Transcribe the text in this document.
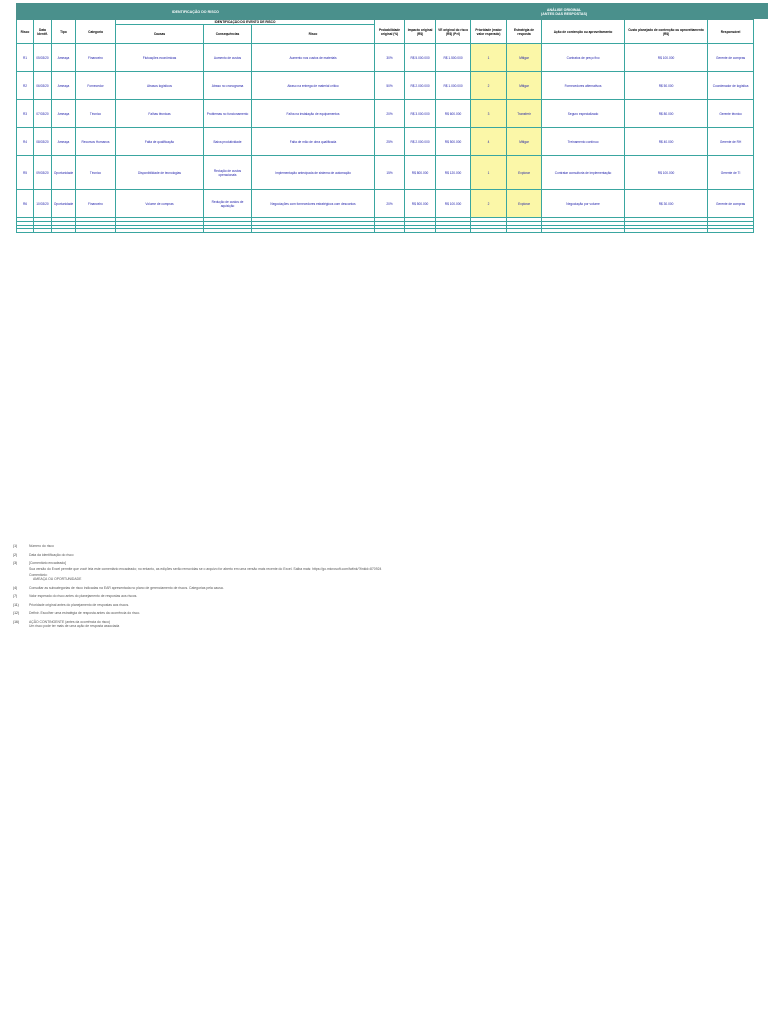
IDENTIFICAÇÃO DO RISCO							ANÁLISE ORIGINAL
(ANTES DAS RESPOSTAS)							

Risco	Data Identif.	Tipo	Categoria	IDENTIFICAÇÃO DO EVENTO DE RISCO			Probabilidade original (%)	Impacto original (R$)	VE original do risco (R$) (P×I)	Prioridade (maior valor esperado)	Estratégia de resposta	Ação de contenção ou aproveitamento	Custo planejado de contenção ou aproveitamento (R$)	Responsável
				Causas	Consequências	Risco								
R1	05/03/20	Ameaça	Financeiro	Flutuações econômicas	Aumento de custos	Aumento nos custos de materiais	30%	R$ 5.000.000	R$ 1.500.000	1	Mitigar	Contratos de preço fixo	R$ 100.000	Gerente de compras
R2	06/03/20	Ameaça	Fornecedor	Atrasos logísticos	Atraso no cronograma	Atraso na entrega de material crítico	50%	R$ 2.000.000	R$ 1.000.000	2	Mitigar	Fornecedores alternativos	R$ 50.000	Coordenador de logística
R3	07/03/20	Ameaça	Técnico	Falhas técnicas	Problemas no funcionamento	Falha na instalação de equipamentos	20%	R$ 3.000.000	R$ 600.000	3	Transferir	Seguro especializado	R$ 80.000	Gerente técnico
R4	08/03/20	Ameaça	Recursos Humanos	Falta de qualificação	Baixa produtividade	Falta de mão de obra qualificada	25%	R$ 2.000.000	R$ 500.000	4	Mitigar	Treinamento contínuo	R$ 40.000	Gerente de RH
R5	09/03/20	Oportunidade	Técnico	Disponibilidade de tecnologias	Redução de custos operacionais	Implementação antecipada de sistema de automação	15%	R$ 800.000	R$ 120.000	1	Explorar	Contratar consultoria de implementação	R$ 100.000	Gerente de TI
R6	10/03/20	Oportunidade	Financeiro	Volume de compras	Redução de custos de aquisição	Negociações com fornecedores estratégicos com descontos	20%	R$ 500.000	R$ 100.000	2	Explorar	Negociação por volume	R$ 30.000	Gerente de compras

(1)	Número do risco
(2)	Data da identificação do risco
(3)	[Comentário encadeado]
Sua versão do Excel permite que você leia este comentário encadeado; no entanto, as edições serão removidas se o arquivo for aberto em uma versão mais recente do Excel. Saiba mais: https://go.microsoft.com/fwlink/?linkid=870924
Comentário:
AMEAÇA OU OPORTUNIDADE
(4)	Consultar as subcategorias de risco indicadas na EAR apresentada no plano de gerenciamento de riscos. Categorias pela causa.
(7)	Valor esperado do risco antes do planejamento de respostas aos riscos.
(11)	Prioridade original antes do planejamento de respostas aos riscos.
(12)	Definir. Escolher uma estratégia de resposta antes da ocorrência do risco.
(16)	AÇÃO CONTINGENTE (antes da ocorrência do risco)
Um risco pode ter mais de uma ação de resposta associada
